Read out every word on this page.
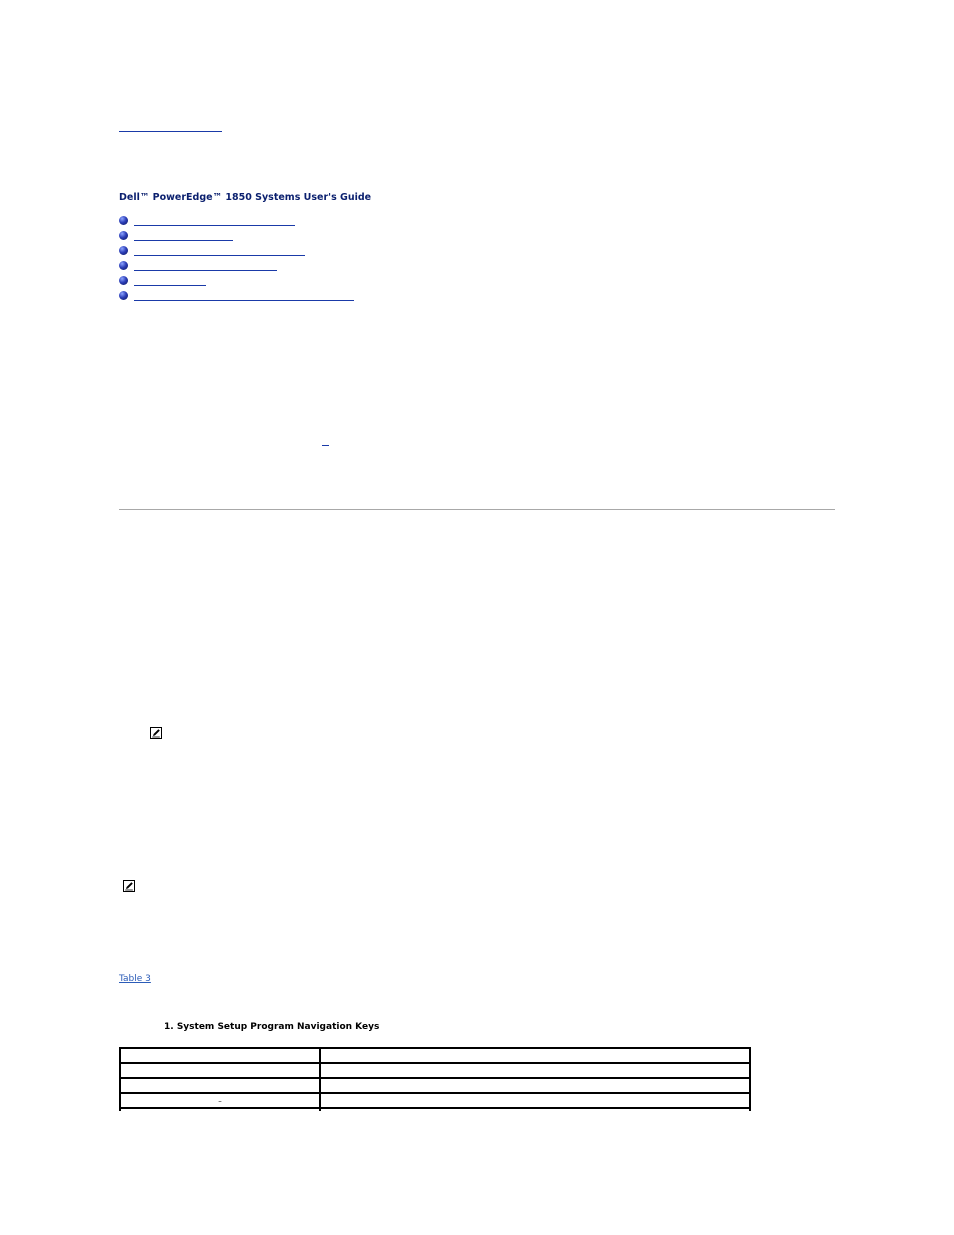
Dell™ PowerEdge™ 1850 Systems User's Guide
Table 3

1. System Setup Program Navigation Keys

–	
